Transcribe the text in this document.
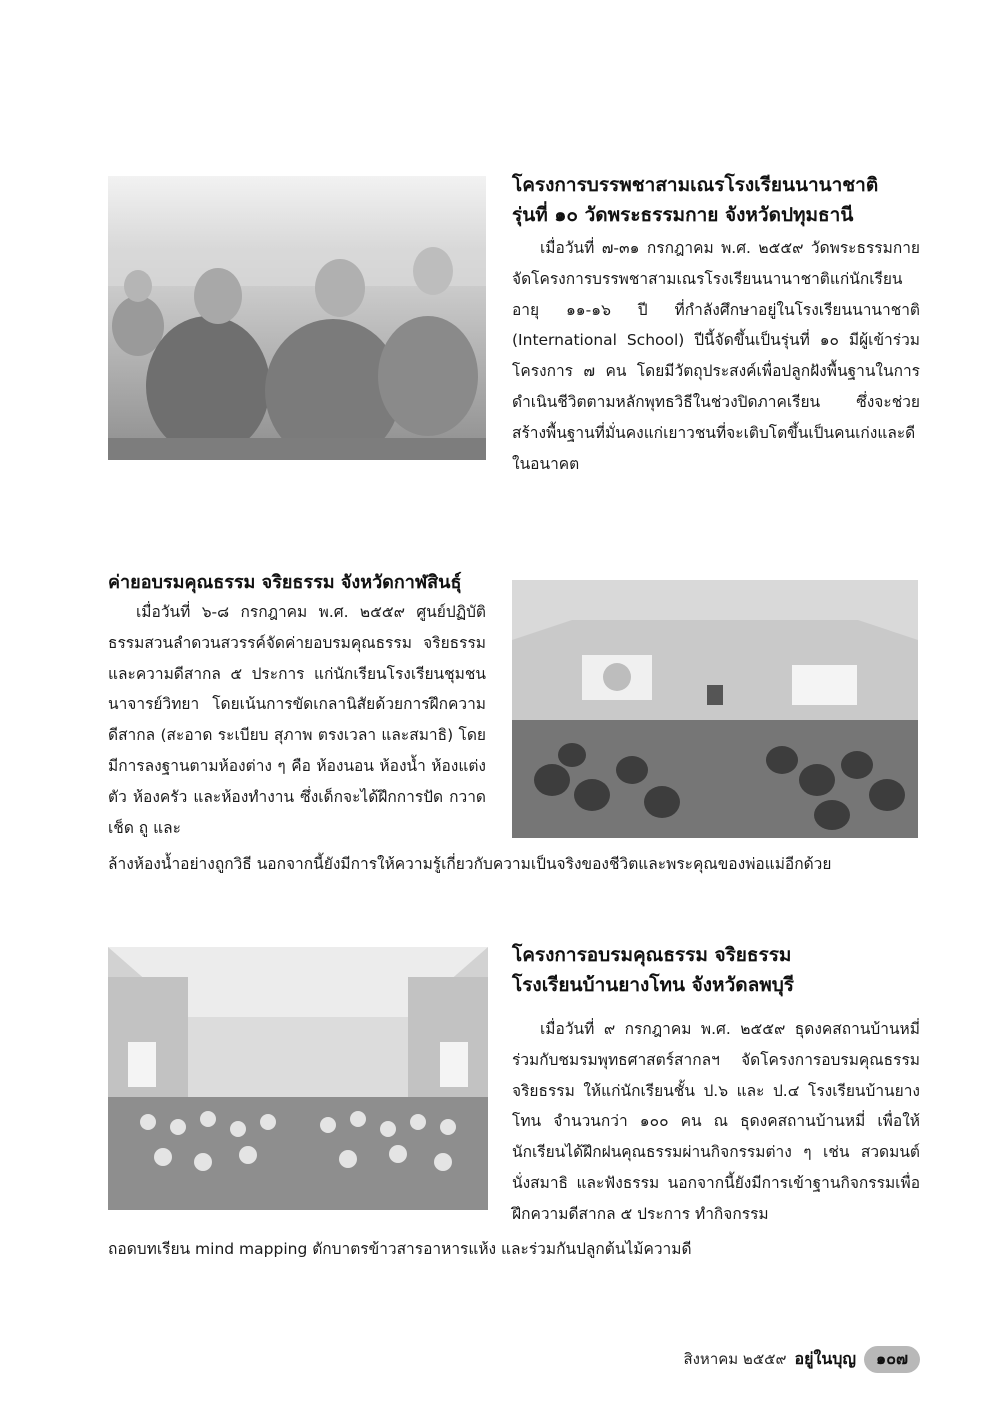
โครงการบรรพชาสามเณรโรงเรียนนานาชาติ
รุ่นที่ ๑๐ วัดพระธรรมกาย จังหวัดปทุมธานี

เมื่อวันที่ ๗-๓๑ กรกฎาคม พ.ศ. ๒๕๕๙ วัดพระธรรมกาย จัดโครงการบรรพชาสามเณรโรงเรียนนานาชาติแก่นักเรียน อายุ ๑๑-๑๖ ปี ที่กำลังศึกษาอยู่ในโรงเรียนนานาชาติ (International School) ปีนี้จัดขึ้นเป็นรุ่นที่ ๑๐ มีผู้เข้าร่วมโครงการ ๗ คน โดยมีวัตถุประสงค์เพื่อปลูกฝังพื้นฐานในการดำเนินชีวิตตามหลักพุทธวิธีในช่วงปิดภาคเรียน ซึ่งจะช่วยสร้างพื้นฐานที่มั่นคงแก่เยาวชนที่จะเติบโตขึ้นเป็นคนเก่งและดีในอนาคต

ค่ายอบรมคุณธรรม จริยธรรม จังหวัดกาฬสินธุ์

เมื่อวันที่ ๖-๘ กรกฎาคม พ.ศ. ๒๕๕๙ ศูนย์ปฏิบัติธรรมสวนลำดวนสวรรค์จัดค่ายอบรมคุณธรรม จริยธรรม และความดีสากล ๕ ประการ แก่นักเรียนโรงเรียนชุมชนนาจารย์วิทยา โดยเน้นการขัดเกลานิสัยด้วยการฝึกความดีสากล (สะอาด ระเบียบ สุภาพ ตรงเวลา และสมาธิ) โดยมีการลงฐานตามห้องต่าง ๆ คือ ห้องนอน ห้องน้ำ ห้องแต่งตัว ห้องครัว และห้องทำงาน ซึ่งเด็กจะได้ฝึกการปัด กวาด เช็ด ถู และ

ล้างห้องน้ำอย่างถูกวิธี นอกจากนี้ยังมีการให้ความรู้เกี่ยวกับความเป็นจริงของชีวิตและพระคุณของพ่อแม่อีกด้วย

โครงการอบรมคุณธรรม จริยธรรม
โรงเรียนบ้านยางโทน จังหวัดลพบุรี

เมื่อวันที่ ๙ กรกฎาคม พ.ศ. ๒๕๕๙ ธุดงคสถานบ้านหมี่ ร่วมกับชมรมพุทธศาสตร์สากลฯ จัดโครงการอบรมคุณธรรม จริยธรรม ให้แก่นักเรียนชั้น ป.๖ และ ป.๔ โรงเรียนบ้านยางโทน จำนวนกว่า ๑๐๐ คน ณ ธุดงคสถานบ้านหมี่ เพื่อให้นักเรียนได้ฝึกฝนคุณธรรมผ่านกิจกรรมต่าง ๆ เช่น สวดมนต์ นั่งสมาธิ และฟังธรรม นอกจากนี้ยังมีการเข้าฐานกิจกรรมเพื่อฝึกความดีสากล ๕ ประการ ทำกิจกรรม

ถอดบทเรียน mind mapping ตักบาตรข้าวสารอาหารแห้ง และร่วมกันปลูกต้นไม้ความดี

สิงหาคม ๒๕๕๙ อยู่ในบุญ	๑๐๗
